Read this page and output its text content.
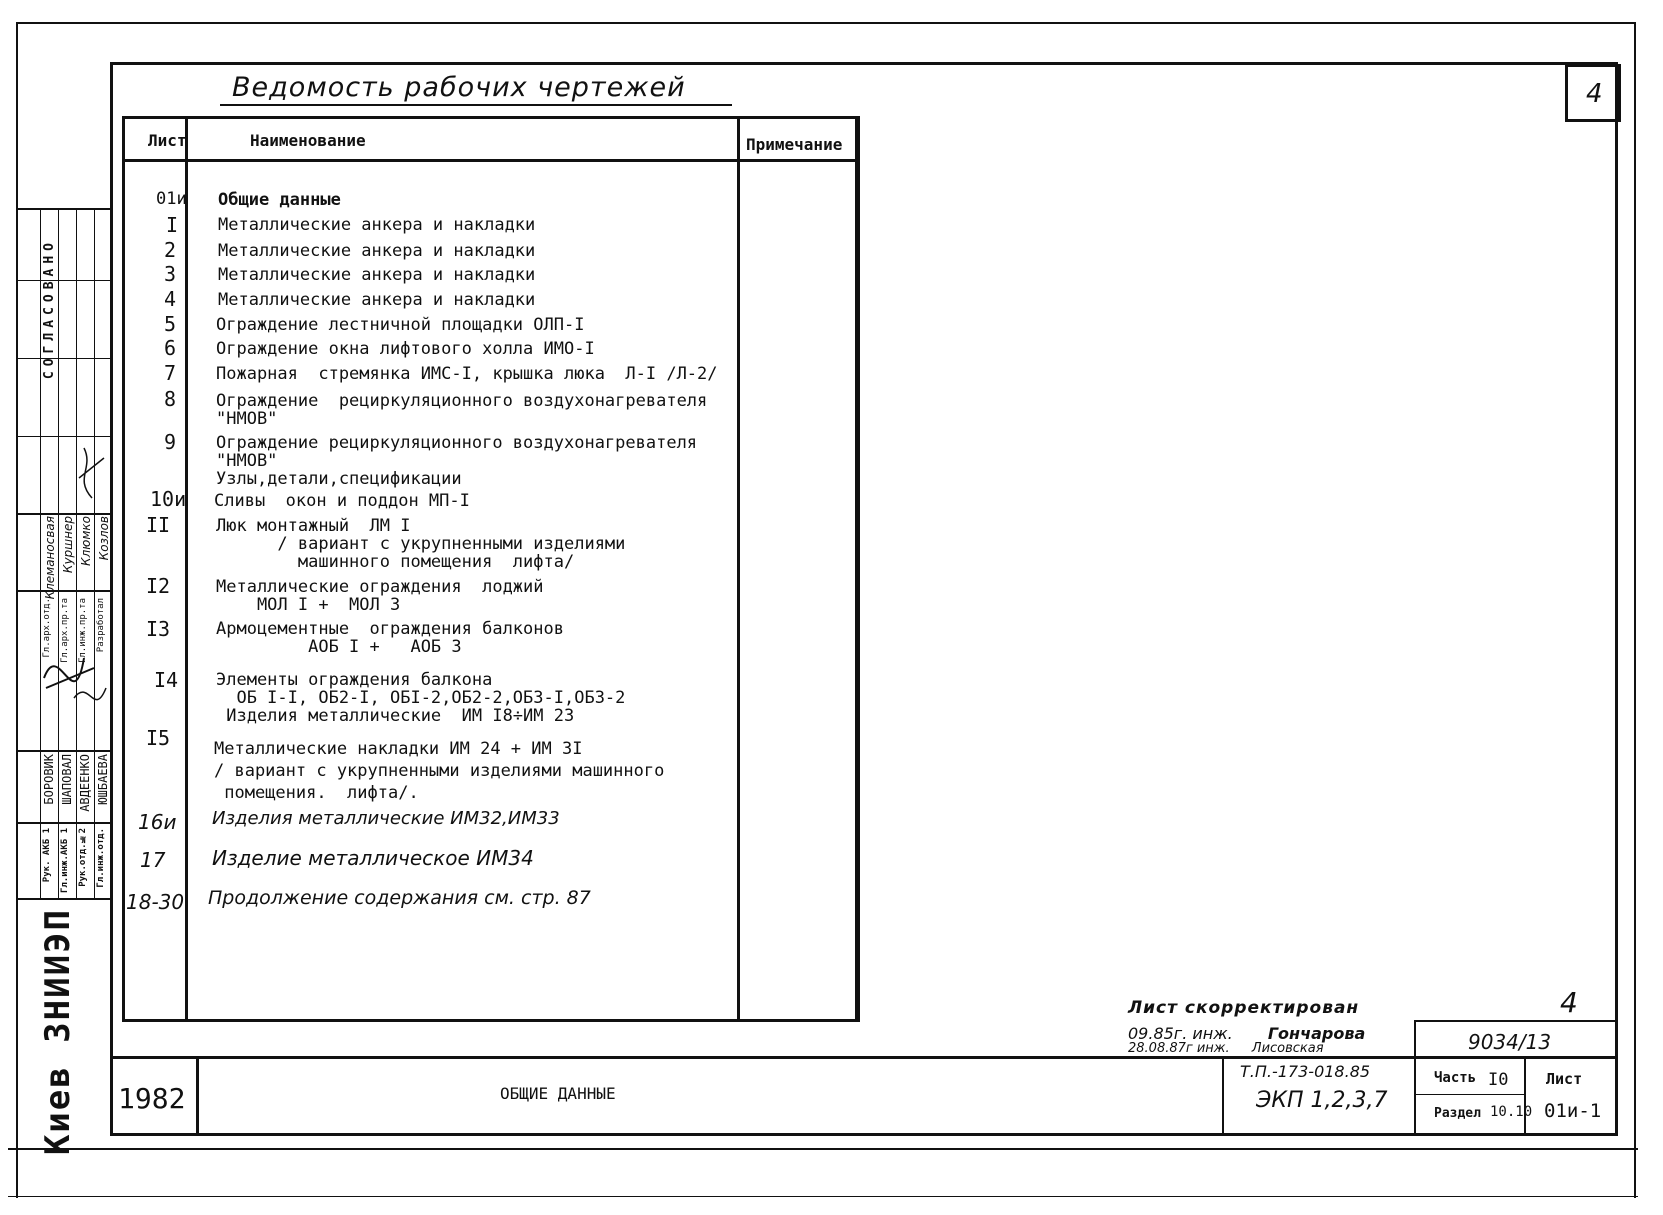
4
Ведомость рабочих чертежей
Лист	Наименование	Примечание
01и Общие данные
I Металлические анкера и накладки
2 Металлические анкера и накладки
3 Металлические анкера и накладки
4 Металлические анкера и накладки
5 Ограждение лестничной площадки ОЛП-I
6 Ограждение окна лифтового холла ИМО-I
7 Пожарная  стремянка ИМС-I, крышка люка  Л-I /Л-2/
8 Ограждение  рециркуляционного воздухонагревателя
"НМОВ"
9 Ограждение рециркуляционного воздухонагревателя
"НМОВ"
Узлы,детали,спецификации
10и Сливы  окон и поддон МП-I
II	Люк монтажный  ЛМ I
/ вариант с укрупненными изделиями
машинного помещения  лифта/
I2	Металлические ограждения  лоджий
МОЛ I +  МОЛ 3
I3	Армоцементные  ограждения балконов
АОБ I +   АОБ 3
I4 Элементы ограждения балкона
ОБ I-I, ОБ2-I, ОБI-2,ОБ2-2,ОБЗ-I,ОБЗ-2
Изделия металлические  ИМ I8÷ИМ 23
I5	Металлические накладки ИМ 24 + ИМ 3I
/ вариант с укрупненными изделиями машинного
помещения.  лифта/.
16и Изделия металлические ИМ32,ИМ33
17 Изделие металлическое ИМ34
18-30 Продолжение содержания см. стр. 87
СОГЛАСОВАНО
Гл.арх.отд. Гл.арх.пр.та Гл.инж.пр.та Разработал
Клеманосвая Куршнер Клюмко Козлов
Рук. АКБ 1 Гл.инж.АКБ 1 Рук.отд.№2 Гл.инж.отд.
БОРОВИК ШАПОВАЛ АВДЕЕНКО ЮШБАЕВА
Киев ЗНИИЭП	Лист скорректирован
09.85г. инж. Гончарова
28.08.87г инж. Лисовская
1982	ОБЩИЕ ДАННЫЕ
4
9034/13
Т.П.-173-018.85
ЭКП 1,2,3,7
Часть I0
Раздел 10.10
Лист
01и-1
